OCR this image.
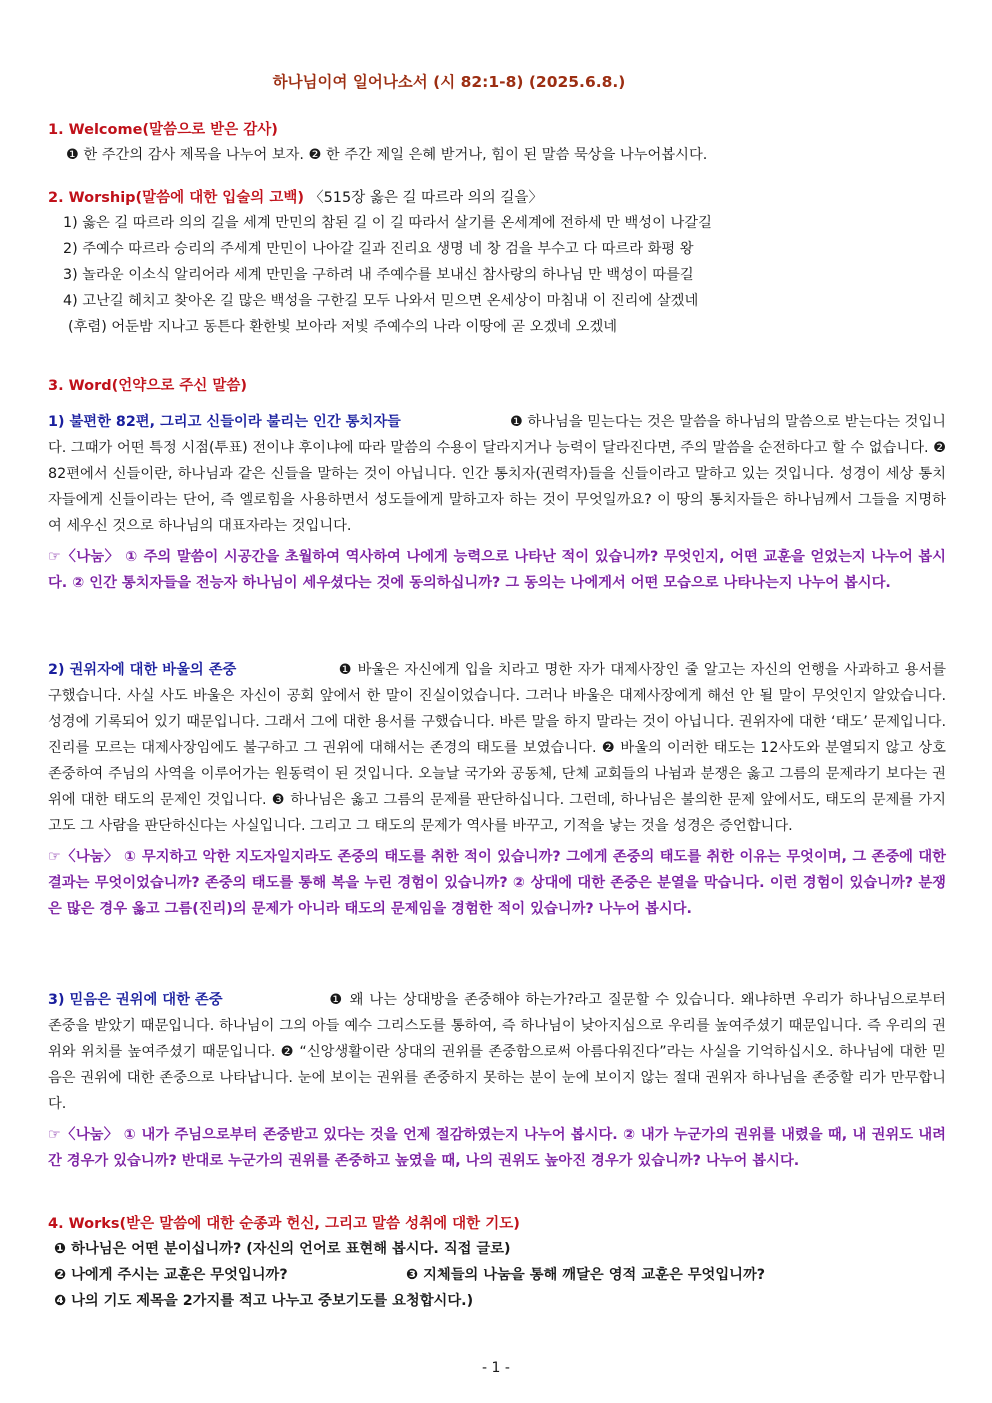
하나님이여 일어나소서 (시 82:1-8) (2025.6.8.)
1. Welcome(말씀으로 받은 감사)
❶ 한 주간의 감사 제목을 나누어 보자. ❷ 한 주간 제일 은혜 받거나, 힘이 된 말씀 묵상을 나누어봅시다.
2. Worship(말씀에 대한 입술의 고백) 〈515장 옳은 길 따르라 의의 길을〉
1) 옳은 길 따르라 의의 길을 세계 만민의 참된 길 이 길 따라서 살기를 온세계에 전하세 만 백성이 나갈길
2) 주예수 따르라 승리의 주세계 만민이 나아갈 길과 진리요 생명 네 창 검을 부수고 다 따르라 화평 왕
3) 놀라운 이소식 알리어라 세계 만민을 구하려 내 주예수를 보내신 참사랑의 하나님 만 백성이 따를길
4) 고난길 헤치고 찾아온 길 많은 백성을 구한길 모두 나와서 믿으면 온세상이 마침내 이 진리에 살겠네
(후렴) 어둔밤 지나고 동튼다 환한빛 보아라 저빛 주예수의 나라 이땅에 곧 오겠네 오겠네
3. Word(언약으로 주신 말씀)
1) 불편한 82편, 그리고 신들이라 불리는 인간 통치자들	❶ 하나님을 믿는다는 것은 말씀을 하나님의 말씀으로 받는다는 것입니다. 그때가 어떤 특정 시점(투표) 전이냐 후이냐에 따라 말씀의 수용이 달라지거나 능력이 달라진다면, 주의 말씀을 순전하다고 할 수 없습니다. ❷ 82편에서 신들이란, 하나님과 같은 신들을 말하는 것이 아닙니다. 인간 통치자(권력자)들을 신들이라고 말하고 있는 것입니다. 성경이 세상 통치자들에게 신들이라는 단어, 즉 엘로힘을 사용하면서 성도들에게 말하고자 하는 것이 무엇일까요? 이 땅의 통치자들은 하나님께서 그들을 지명하여 세우신 것으로 하나님의 대표자라는 것입니다.
☞〈나눔〉 ① 주의 말씀이 시공간을 초월하여 역사하여 나에게 능력으로 나타난 적이 있습니까? 무엇인지, 어떤 교훈을 얻었는지 나누어 봅시다. ② 인간 통치자들을 전능자 하나님이 세우셨다는 것에 동의하십니까? 그 동의는 나에게서 어떤 모습으로 나타나는지 나누어 봅시다.
2) 권위자에 대한 바울의 존중	❶ 바울은 자신에게 입을 치라고 명한 자가 대제사장인 줄 알고는 자신의 언행을 사과하고 용서를 구했습니다. 사실 사도 바울은 자신이 공회 앞에서 한 말이 진실이었습니다. 그러나 바울은 대제사장에게 해선 안 될 말이 무엇인지 알았습니다. 성경에 기록되어 있기 때문입니다. 그래서 그에 대한 용서를 구했습니다. 바른 말을 하지 말라는 것이 아닙니다. 권위자에 대한 ‘태도’ 문제입니다. 진리를 모르는 대제사장임에도 불구하고 그 권위에 대해서는 존경의 태도를 보였습니다. ❷ 바울의 이러한 태도는 12사도와 분열되지 않고 상호존중하여 주님의 사역을 이루어가는 원동력이 된 것입니다. 오늘날 국가와 공동체, 단체 교회들의 나뉨과 분쟁은 옳고 그름의 문제라기 보다는 권위에 대한 태도의 문제인 것입니다. ❸ 하나님은 옳고 그름의 문제를 판단하십니다. 그런데, 하나님은 불의한 문제 앞에서도, 태도의 문제를 가지고도 그 사람을 판단하신다는 사실입니다. 그리고 그 태도의 문제가 역사를 바꾸고, 기적을 낳는 것을 성경은 증언합니다.
☞〈나눔〉 ① 무지하고 악한 지도자일지라도 존중의 태도를 취한 적이 있습니까? 그에게 존중의 태도를 취한 이유는 무엇이며, 그 존중에 대한 결과는 무엇이었습니까? 존중의 태도를 통해 복을 누린 경험이 있습니까? ② 상대에 대한 존중은 분열을 막습니다. 이런 경험이 있습니까? 분쟁은 많은 경우 옳고 그름(진리)의 문제가 아니라 태도의 문제임을 경험한 적이 있습니까? 나누어 봅시다.
3) 믿음은 권위에 대한 존중	❶ 왜 나는 상대방을 존중해야 하는가?라고 질문할 수 있습니다. 왜냐하면 우리가 하나님으로부터 존중을 받았기 때문입니다. 하나님이 그의 아들 예수 그리스도를 통하여, 즉 하나님이 낮아지심으로 우리를 높여주셨기 때문입니다. 즉 우리의 권위와 위치를 높여주셨기 때문입니다. ❷ “신앙생활이란 상대의 권위를 존중함으로써 아름다워진다”라는 사실을 기억하십시오. 하나님에 대한 믿음은 권위에 대한 존중으로 나타납니다. 눈에 보이는 권위를 존중하지 못하는 분이 눈에 보이지 않는 절대 권위자 하나님을 존중할 리가 만무합니다.
☞〈나눔〉 ① 내가 주님으로부터 존중받고 있다는 것을 언제 절감하였는지 나누어 봅시다. ② 내가 누군가의 권위를 내렸을 때, 내 권위도 내려간 경우가 있습니까? 반대로 누군가의 권위를 존중하고 높였을 때, 나의 권위도 높아진 경우가 있습니까? 나누어 봅시다.
4. Works(받은 말씀에 대한 순종과 헌신, 그리고 말씀 성취에 대한 기도)
❶ 하나님은 어떤 분이십니까? (자신의 언어로 표현해 봅시다. 직접 글로)
❷ 나에게 주시는 교훈은 무엇입니까?	❸ 지체들의 나눔을 통해 깨달은 영적 교훈은 무엇입니까?
❹ 나의 기도 제목을 2가지를 적고 나누고 중보기도를 요청합시다.)
- 1 -
